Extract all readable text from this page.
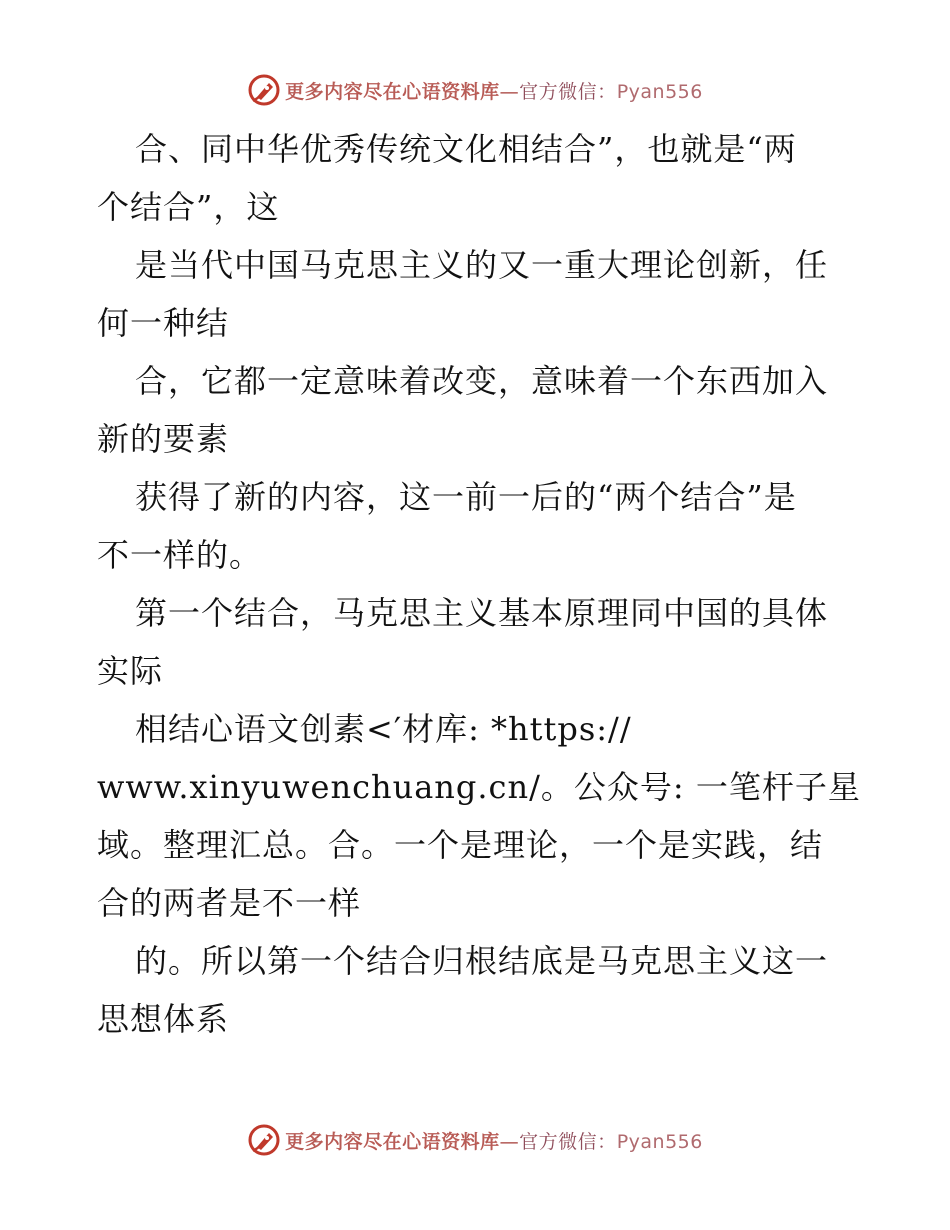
更多内容尽在心语资料库—官方微信：Pyan556
合、同中华优秀传统文化相结合”，也就是“两
个结合”，这
是当代中国马克思主义的又一重大理论创新，任
何一种结
合，它都一定意味着改变，意味着一个东西加入
新的要素
获得了新的内容，这一前一后的“两个结合”是
不一样的。
第一个结合，马克思主义基本原理同中国的具体
实际
相结心语文创素<′材库: *https://
www.xinyuwenchuang.cn/。公众号: 一笔杆子星
域。整理汇总。合。一个是理论，一个是实践，结
合的两者是不一样
的。所以第一个结合归根结底是马克思主义这一
思想体系
更多内容尽在心语资料库—官方微信：Pyan556
